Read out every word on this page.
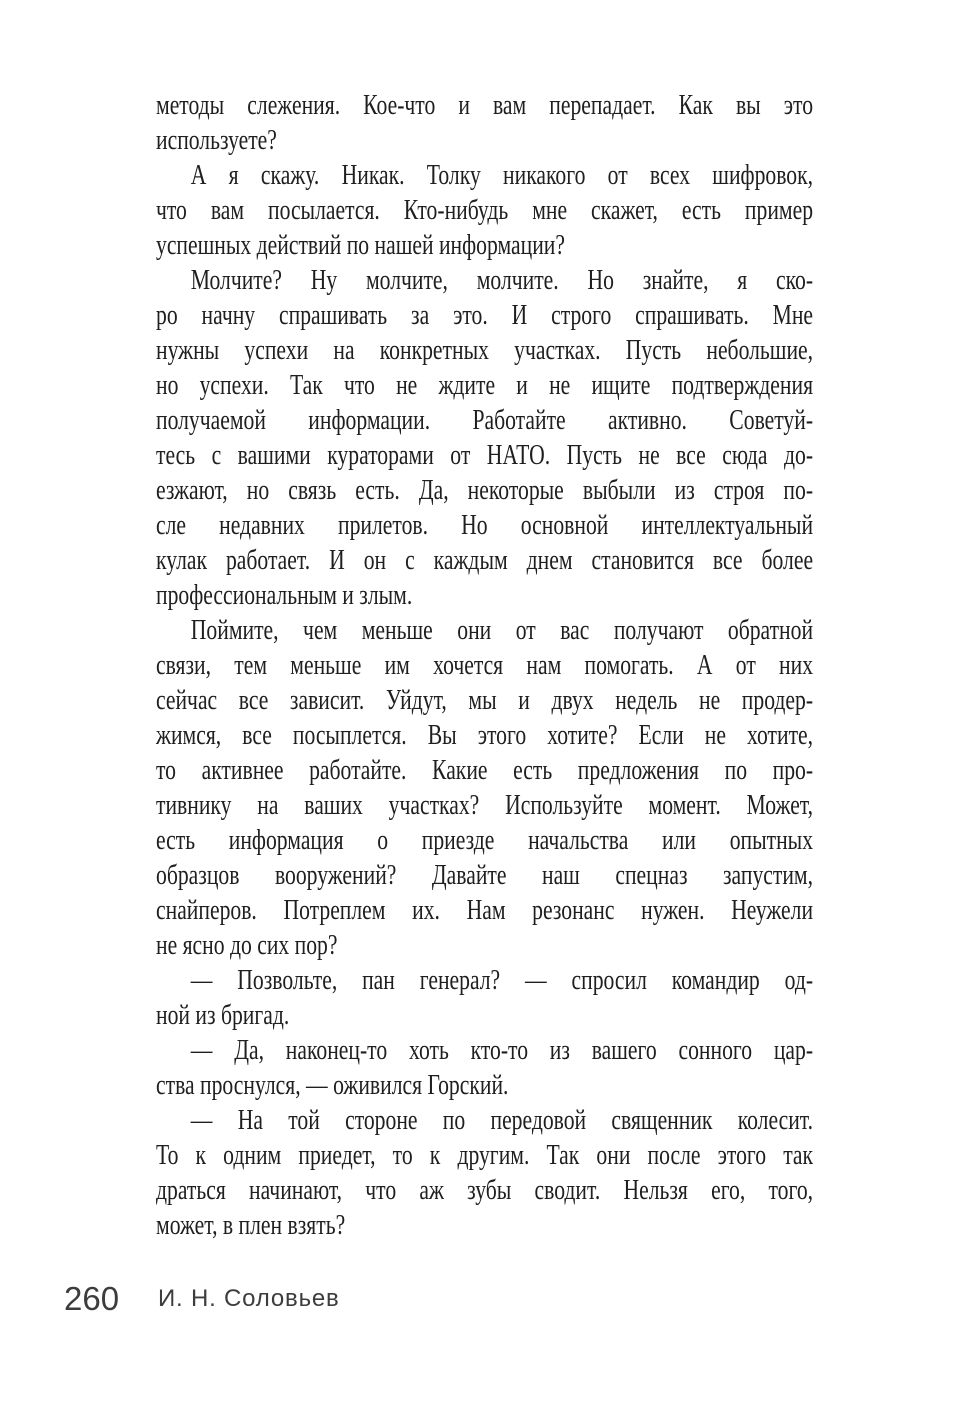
методы слежения. Кое-что и вам перепадает. Как вы это
используете?
А я скажу. Никак. Толку никакого от всех шифровок,
что вам посылается. Кто-нибудь мне скажет, есть пример
успешных действий по нашей информации?
Молчите? Ну молчите, молчите. Но знайте, я ско-
ро начну спрашивать за это. И строго спрашивать. Мне
нужны успехи на конкретных участках. Пусть небольшие,
но успехи. Так что не ждите и не ищите подтверждения
получаемой информации. Работайте активно. Советуй-
тесь с вашими кураторами от НАТО. Пусть не все сюда до-
езжают, но связь есть. Да, некоторые выбыли из строя по-
сле недавних прилетов. Но основной интеллектуальный
кулак работает. И он с каждым днем становится все более
профессиональным и злым.
Поймите, чем меньше они от вас получают обратной
связи, тем меньше им хочется нам помогать. А от них
сейчас все зависит. Уйдут, мы и двух недель не продер-
жимся, все посыплется. Вы этого хотите? Если не хотите,
то активнее работайте. Какие есть предложения по про-
тивнику на ваших участках? Используйте момент. Может,
есть информация о приезде начальства или опытных
образцов вооружений? Давайте наш спецназ запустим,
снайперов. Потреплем их. Нам резонанс нужен. Неужели
не ясно до сих пор?
— Позвольте, пан генерал? — спросил командир од-
ной из бригад.
— Да, наконец-то хоть кто-то из вашего сонного цар-
ства проснулся, — оживился Горский.
— На той стороне по передовой священник колесит.
То к одним приедет, то к другим. Так они после этого так
драться начинают, что аж зубы сводит. Нельзя его, того,
может, в плен взять?
260 И. Н. Соловьев
